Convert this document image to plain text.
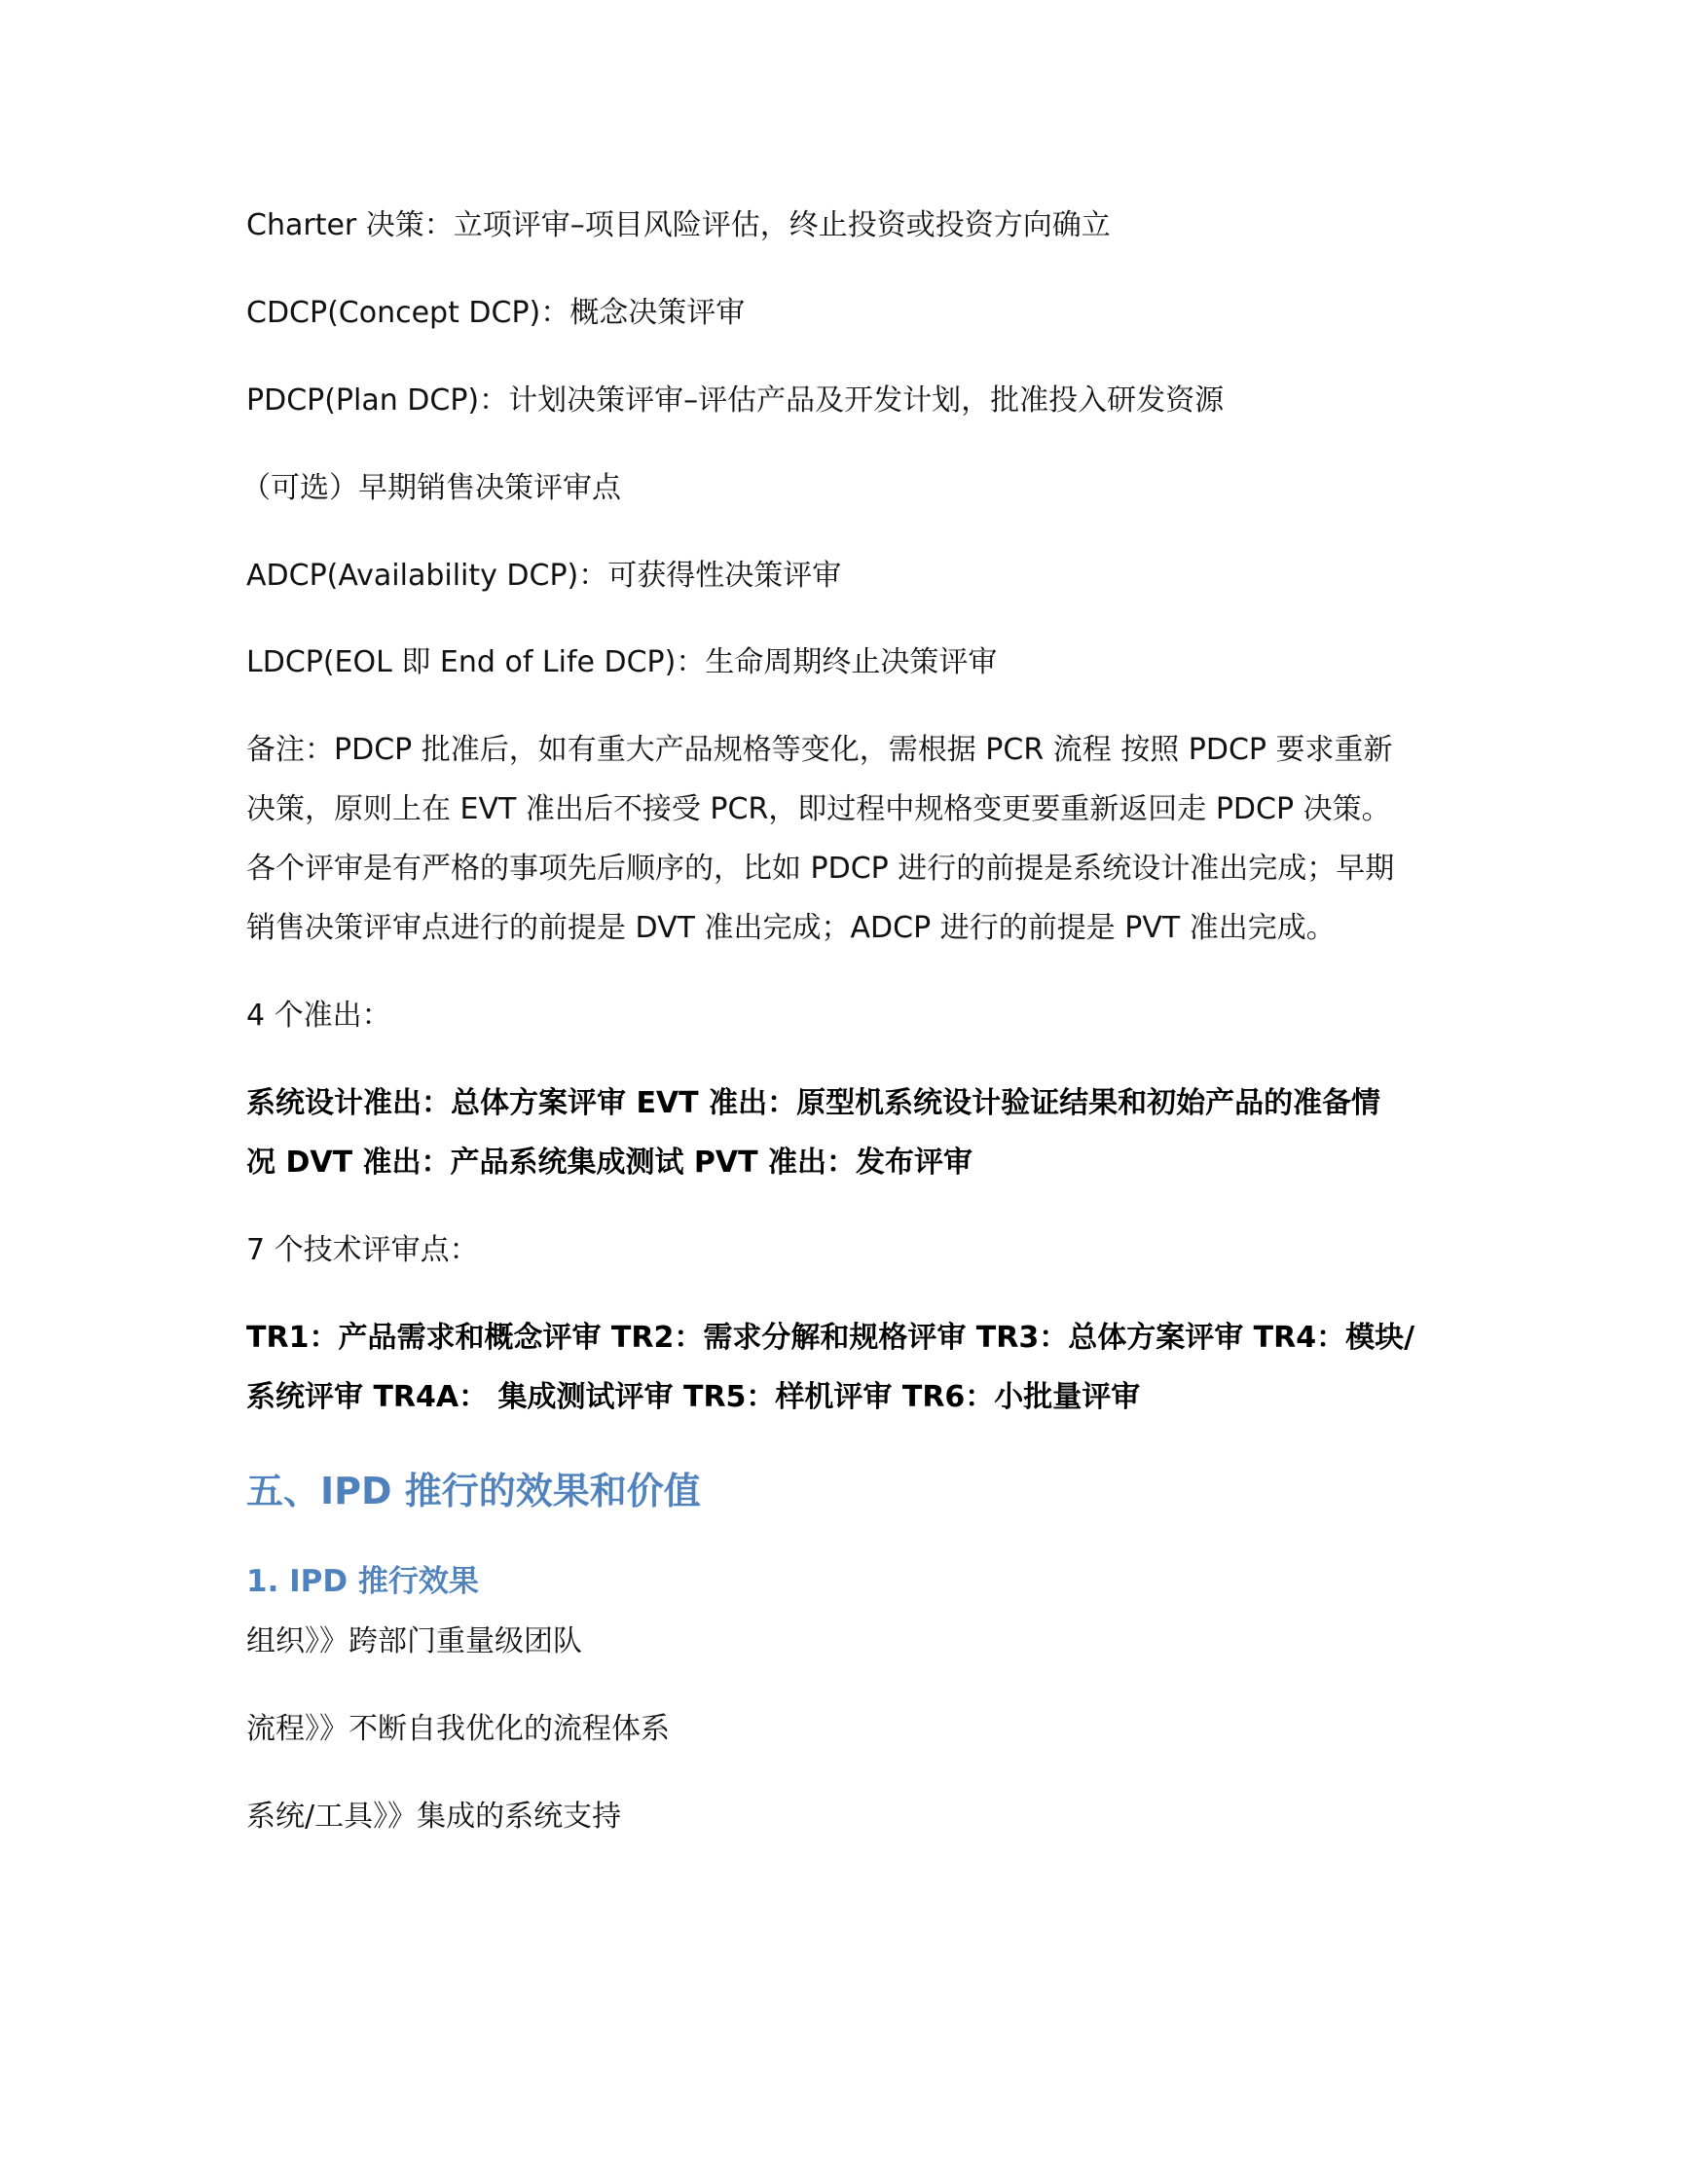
Charter 决策：立项评审–项目风险评估，终止投资或投资方向确立
CDCP(Concept DCP)：概念决策评审
PDCP(Plan DCP)：计划决策评审–评估产品及开发计划，批准投入研发资源
（可选）早期销售决策评审点
ADCP(Availability DCP)：可获得性决策评审
LDCP(EOL 即 End of Life DCP)：生命周期终止决策评审
备注：PDCP 批准后，如有重大产品规格等变化，需根据 PCR 流程 按照 PDCP 要求重新
决策，原则上在 EVT 准出后不接受 PCR，即过程中规格变更要重新返回走 PDCP 决策。
各个评审是有严格的事项先后顺序的，比如 PDCP 进行的前提是系统设计准出完成；早期
销售决策评审点进行的前提是 DVT 准出完成；ADCP 进行的前提是 PVT 准出完成。
4 个准出：
系统设计准出：总体方案评审 EVT 准出：原型机系统设计验证结果和初始产品的准备情
况 DVT 准出：产品系统集成测试 PVT 准出：发布评审
7 个技术评审点：
TR1：产品需求和概念评审 TR2：需求分解和规格评审 TR3：总体方案评审 TR4：模块/
系统评审 TR4A： 集成测试评审 TR5：样机评审 TR6：小批量评审
五、IPD 推行的效果和价值
1. IPD 推行效果
组织》》跨部门重量级团队
流程》》不断自我优化的流程体系
系统/工具》》集成的系统支持
